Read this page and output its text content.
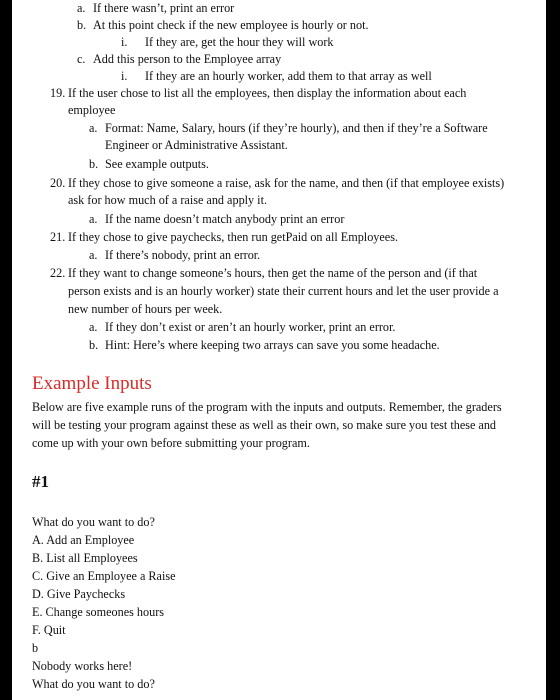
a. If there wasn’t, print an error
b. At this point check if the new employee is hourly or not.
i. If they are, get the hour they will work
c. Add this person to the Employee array
i. If they are an hourly worker, add them to that array as well
19. If the user chose to list all the employees, then display the information about each
employee
a. Format: Name, Salary, hours (if they’re hourly), and then if they’re a Software
Engineer or Administrative Assistant.
b. See example outputs.
20. If they chose to give someone a raise, ask for the name, and then (if that employee exists)
ask for how much of a raise and apply it.
a. If the name doesn’t match anybody print an error
21. If they chose to give paychecks, then run getPaid on all Employees.
a. If there’s nobody, print an error.
22. If they want to change someone’s hours, then get the name of the person and (if that
person exists and is an hourly worker) state their current hours and let the user provide a
new number of hours per week.
a. If they don’t exist or aren’t an hourly worker, print an error.
b. Hint: Here’s where keeping two arrays can save you some headache.
Example Inputs
Below are five example runs of the program with the inputs and outputs. Remember, the graders
will be testing your program against these as well as their own, so make sure you test these and
come up with your own before submitting your program.
#1
What do you want to do?
A. Add an Employee
B. List all Employees
C. Give an Employee a Raise
D. Give Paychecks
E. Change someones hours
F. Quit
b
Nobody works here!
What do you want to do?
